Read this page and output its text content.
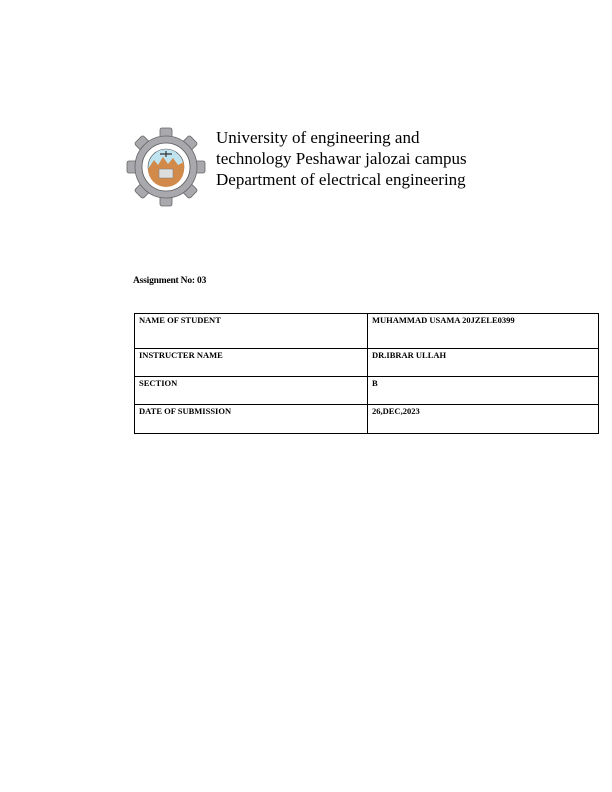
University of engineering and
technology Peshawar jalozai campus
Department of electrical engineering
Assignment No: 03
NAME OF STUDENT	MUHAMMAD USAMA 20JZELE0399
INSTRUCTER NAME	DR.IBRAR ULLAH
SECTION	B
DATE OF SUBMISSION	26,DEC,2023
